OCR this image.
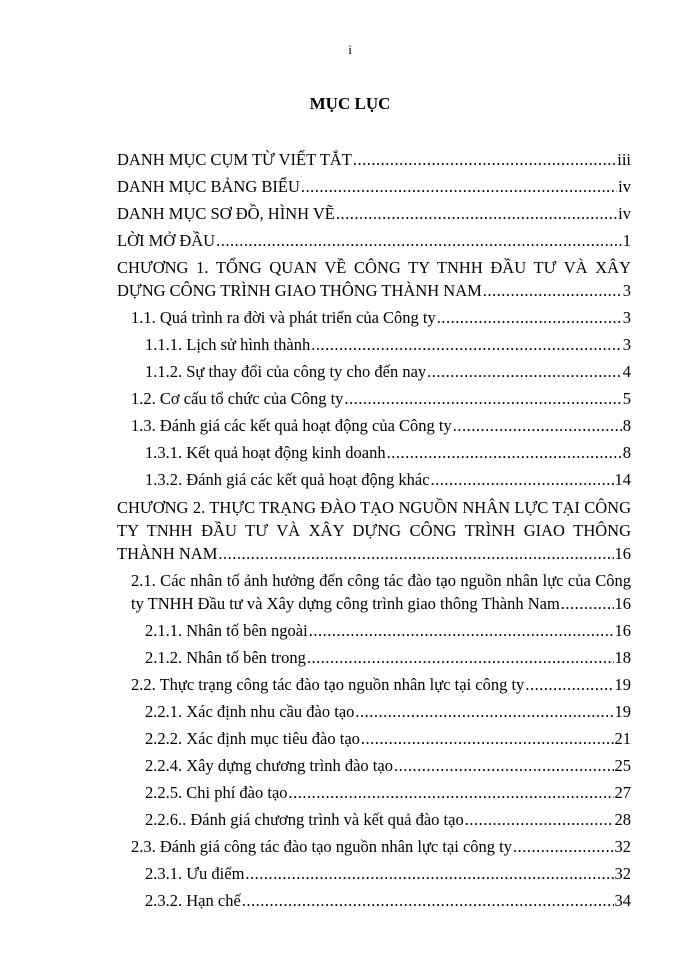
i
MỤC LỤC
DANH MỤC CỤM TỪ VIẾT TẮT .....	iii
DANH MỤC BẢNG BIỂU .....	iv
DANH MỤC SƠ ĐỒ, HÌNH VẼ .....	iv
LỜI MỞ ĐẦU .....	1
CHƯƠNG 1. TỔNG QUAN VỀ CÔNG TY TNHH ĐẦU TƯ VÀ XÂY
DỰNG CÔNG TRÌNH GIAO THÔNG THÀNH NAM .....	3
1.1. Quá trình ra đời và phát triển của Công ty .....	3
1.1.1. Lịch sử hình thành .....	3
1.1.2. Sự thay đổi của công ty cho đến nay .....	4
1.2. Cơ cấu tổ chức của Công ty .....	5
1.3. Đánh giá các kết quả hoạt động của Công ty .....	8
1.3.1. Kết quả hoạt động kinh doanh .....	8
1.3.2. Đánh giá các kết quả hoạt động khác .....	14
CHƯƠNG 2. THỰC TRẠNG ĐÀO TẠO NGUỒN NHÂN LỰC TẠI CÔNG
TY TNHH ĐẦU TƯ VÀ XÂY DỰNG CÔNG TRÌNH GIAO THÔNG
THÀNH NAM .....	16
2.1. Các nhân tố ảnh hưởng đến công tác đào tạo nguồn nhân lực của Công
ty TNHH Đầu tư và Xây dựng công trình giao thông Thành Nam .....	16
2.1.1. Nhân tố bên ngoài .....	16
2.1.2. Nhân tố bên trong .....	18
2.2. Thực trạng công tác đào tạo nguồn nhân lực tại công ty .....	19
2.2.1. Xác định nhu cầu đào tạo .....	19
2.2.2. Xác định mục tiêu đào tạo .....	21
2.2.4. Xây dựng chương trình đào tạo .....	25
2.2.5. Chi phí đào tạo .....	27
2.2.6.. Đánh giá chương trình và kết quả đào tạo .....	28
2.3. Đánh giá công tác đào tạo nguồn nhân lực tại công ty .....	32
2.3.1. Ưu điểm .....	32
2.3.2. Hạn chế .....	34
